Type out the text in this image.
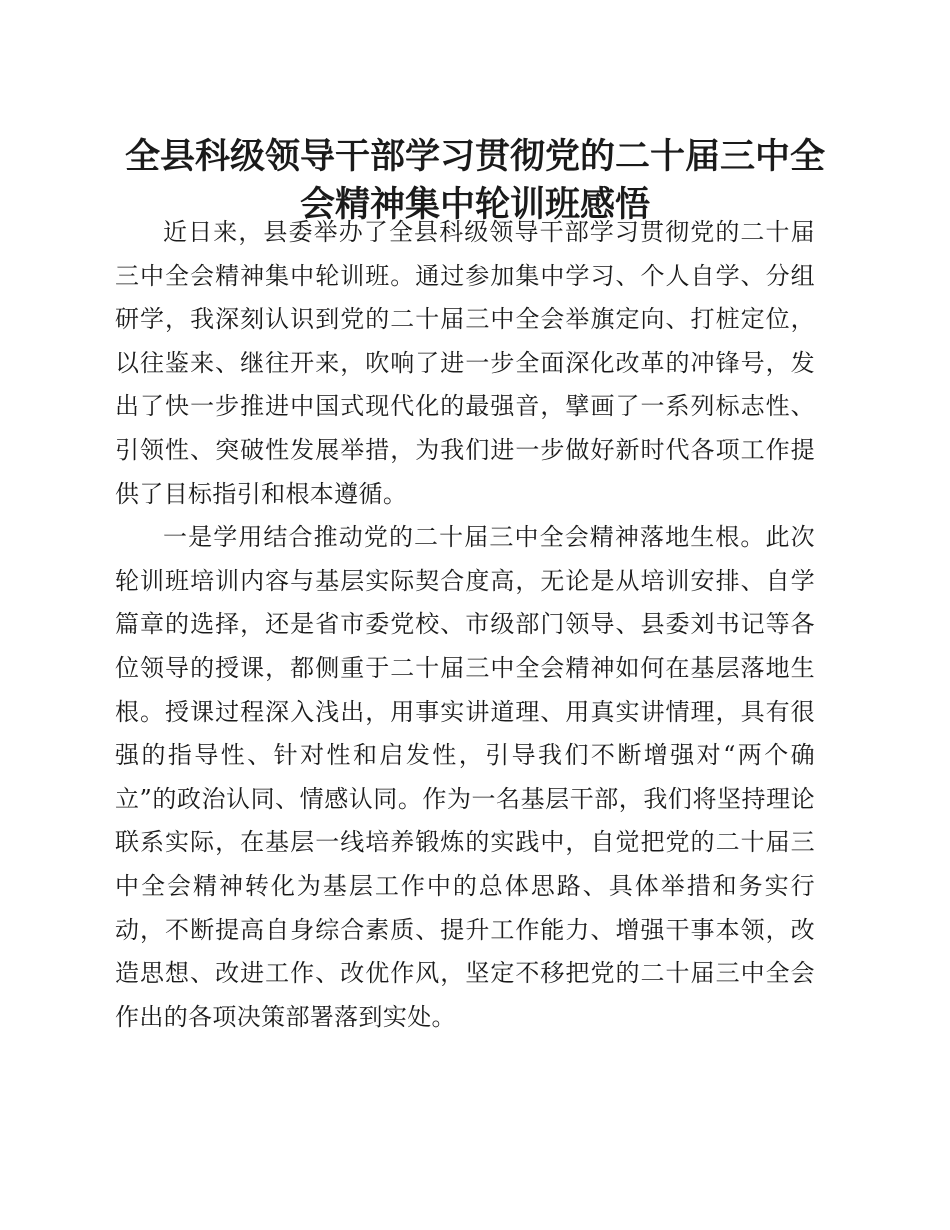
全县科级领导干部学习贯彻党的二十届三中全会精神集中轮训班感悟

近日来，县委举办了全县科级领导干部学习贯彻党的二十届三中全会精神集中轮训班。通过参加集中学习、个人自学、分组研学，我深刻认识到党的二十届三中全会举旗定向、打桩定位，以往鉴来、继往开来，吹响了进一步全面深化改革的冲锋号，发出了快一步推进中国式现代化的最强音，擘画了一系列标志性、引领性、突破性发展举措，为我们进一步做好新时代各项工作提供了目标指引和根本遵循。

一是学用结合推动党的二十届三中全会精神落地生根。此次轮训班培训内容与基层实际契合度高，无论是从培训安排、自学篇章的选择，还是省市委党校、市级部门领导、县委刘书记等各位领导的授课，都侧重于二十届三中全会精神如何在基层落地生根。授课过程深入浅出，用事实讲道理、用真实讲情理，具有很强的指导性、针对性和启发性，引导我们不断增强对“两个确立”的政治认同、情感认同。作为一名基层干部，我们将坚持理论联系实际，在基层一线培养锻炼的实践中，自觉把党的二十届三中全会精神转化为基层工作中的总体思路、具体举措和务实行动，不断提高自身综合素质、提升工作能力、增强干事本领，改造思想、改进工作、改优作风，坚定不移把党的二十届三中全会作出的各项决策部署落到实处。
